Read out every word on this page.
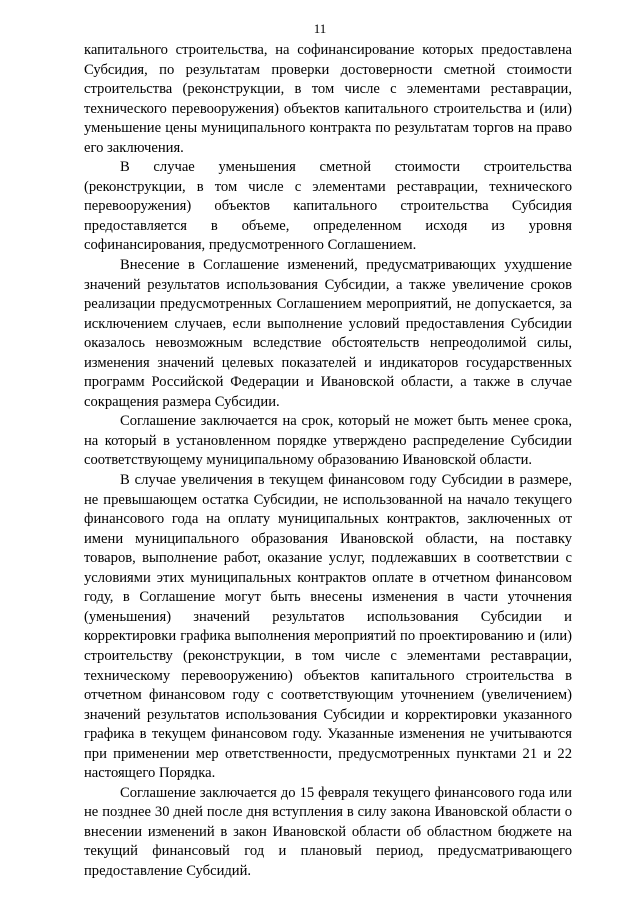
11

капитального строительства, на софинансирование которых предоставлена Субсидия, по результатам проверки достоверности сметной стоимости строительства (реконструкции, в том числе с элементами реставрации, технического перевооружения) объектов капитального строительства и (или) уменьшение цены муниципального контракта по результатам торгов на право его заключения.

В случае уменьшения сметной стоимости строительства (реконструкции, в том числе с элементами реставрации, технического перевооружения) объектов капитального строительства Субсидия предоставляется в объеме, определенном исходя из уровня софинансирования, предусмотренного Соглашением.

Внесение в Соглашение изменений, предусматривающих ухудшение значений результатов использования Субсидии, а также увеличение сроков реализации предусмотренных Соглашением мероприятий, не допускается, за исключением случаев, если выполнение условий предоставления Субсидии оказалось невозможным вследствие обстоятельств непреодолимой силы, изменения значений целевых показателей и индикаторов государственных программ Российской Федерации и Ивановской области, а также в случае сокращения размера Субсидии.

Соглашение заключается на срок, который не может быть менее срока, на который в установленном порядке утверждено распределение Субсидии соответствующему муниципальному образованию Ивановской области.

В случае увеличения в текущем финансовом году Субсидии в размере, не превышающем остатка Субсидии, не использованной на начало текущего финансового года на оплату муниципальных контрактов, заключенных от имени муниципального образования Ивановской области, на поставку товаров, выполнение работ, оказание услуг, подлежавших в соответствии с условиями этих муниципальных контрактов оплате в отчетном финансовом году, в Соглашение могут быть внесены изменения в части уточнения (уменьшения) значений результатов использования Субсидии и корректировки графика выполнения мероприятий по проектированию и (или) строительству (реконструкции, в том числе с элементами реставрации, техническому перевооружению) объектов капитального строительства в отчетном финансовом году с соответствующим уточнением (увеличением) значений результатов использования Субсидии и корректировки указанного графика в текущем финансовом году. Указанные изменения не учитываются при применении мер ответственности, предусмотренных пунктами 21 и 22 настоящего Порядка.

Соглашение заключается до 15 февраля текущего финансового года или не позднее 30 дней после дня вступления в силу закона Ивановской области о внесении изменений в закон Ивановской области об областном бюджете на текущий финансовый год и плановый период, предусматривающего предоставление Субсидий.
